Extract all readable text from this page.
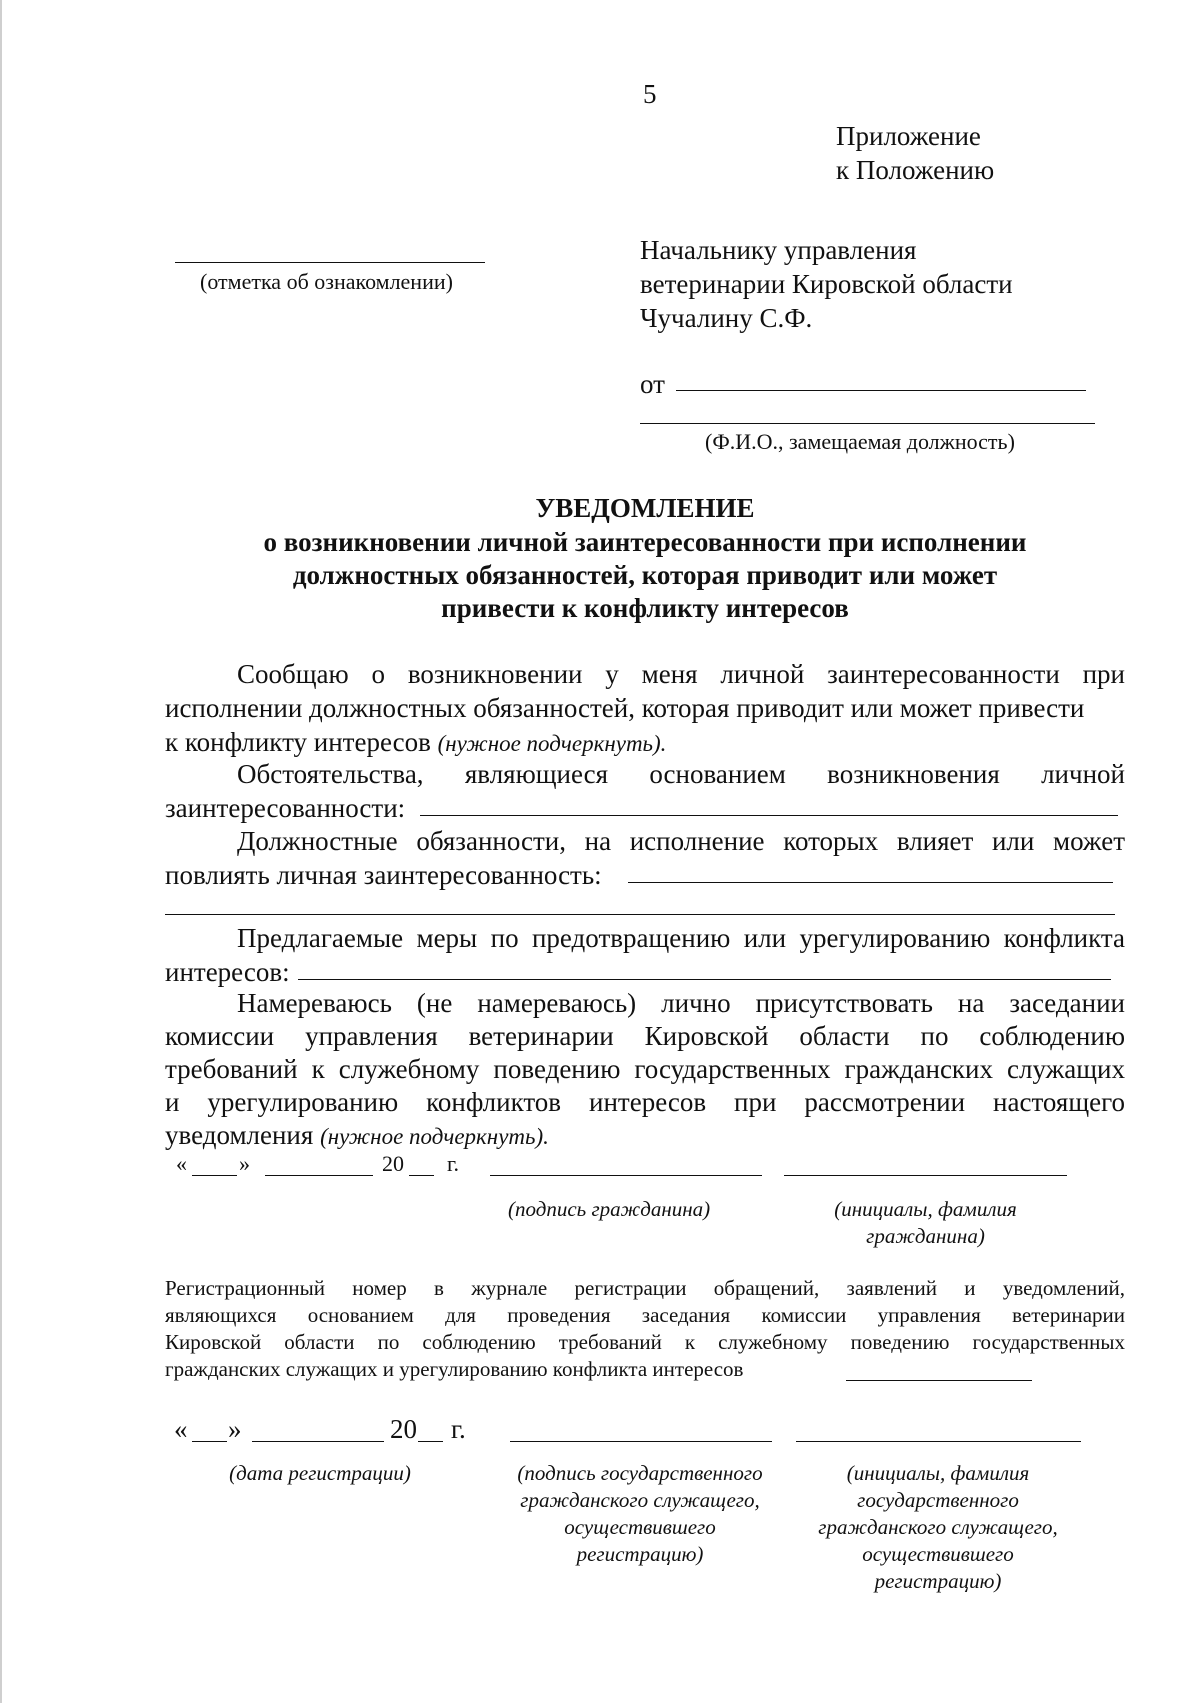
5
Приложение
к Положению
(отметка об ознакомлении)
Начальнику управления
ветеринарии Кировской области
Чучалину С.Ф.
от
(Ф.И.О., замещаемая должность)
УВЕДОМЛЕНИЕ
о возникновении личной заинтересованности при исполнении
должностных обязанностей, которая приводит или может
привести к конфликту интересов
Сообщаю о возникновении у меня личной заинтересованности при
исполнении должностных обязанностей, которая приводит или может привести
к конфликту интересов (нужное подчеркнуть).
Обстоятельства, являющиеся основанием возникновения личной
заинтересованности:
Должностные обязанности, на исполнение которых влияет или может
повлиять личная заинтересованность:
Предлагаемые меры по предотвращению или урегулированию конфликта
интересов:
Намереваюсь (не намереваюсь) лично присутствовать на заседании
комиссии управления ветеринарии Кировской области по соблюдению
требований к служебному поведению государственных гражданских служащих
и урегулированию конфликтов интересов при рассмотрении настоящего
уведомления (нужное подчеркнуть).
« »	20 г.
(подпись гражданина)	(инициалы, фамилия
гражданина)
Регистрационный номер в журнале регистрации обращений, заявлений и уведомлений,
являющихся основанием для проведения заседания комиссии управления ветеринарии
Кировской области по соблюдению требований к служебному поведению государственных
гражданских служащих и урегулированию конфликта интересов
« »	20 г.
(дата регистрации)	(подпись государственного
гражданского служащего,
осуществившего
регистрацию)
(инициалы, фамилия
государственного
гражданского служащего,
осуществившего
регистрацию)
